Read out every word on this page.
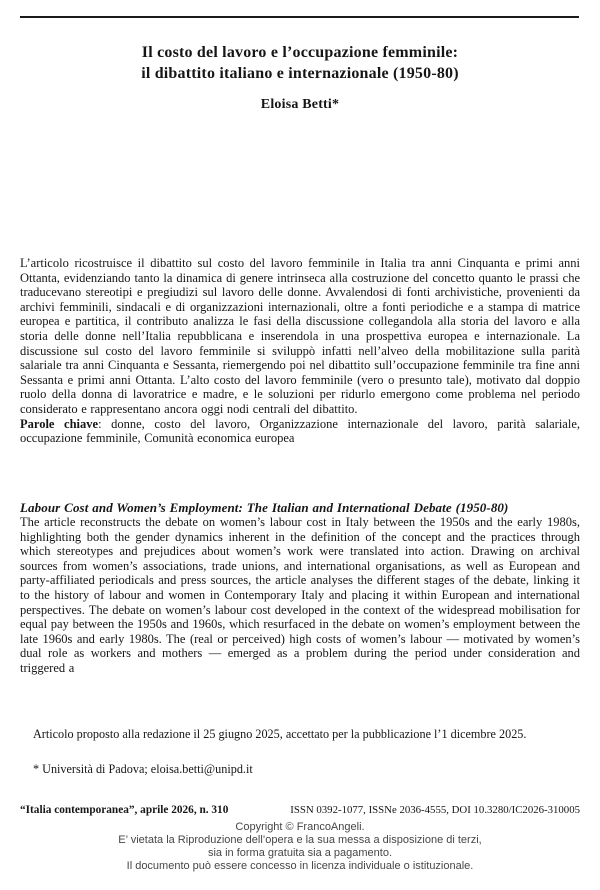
Il costo del lavoro e l’occupazione femminile:
il dibattito italiano e internazionale (1950-80)
Eloisa Betti*

L’articolo ricostruisce il dibattito sul costo del lavoro femminile in Italia tra anni Cinquanta e primi anni Ottanta, evidenziando tanto la dinamica di genere intrinseca alla costruzione del concetto quanto le prassi che traducevano stereotipi e pregiudizi sul lavoro delle donne. Avvalendosi di fonti archivistiche, provenienti da archivi femminili, sindacali e di organizzazioni internazionali, oltre a fonti periodiche e a stampa di matrice europea e partitica, il contributo analizza le fasi della discussione collegandola alla storia del lavoro e alla storia delle donne nell’Italia repubblicana e inserendola in una prospettiva europea e internazionale. La discussione sul costo del lavoro femminile si sviluppò infatti nell’alveo della mobilitazione sulla parità salariale tra anni Cinquanta e Sessanta, riemergendo poi nel dibattito sull’occupazione femminile tra fine anni Sessanta e primi anni Ottanta. L’alto costo del lavoro femminile (vero o presunto tale), motivato dal doppio ruolo della donna di lavoratrice e madre, e le soluzioni per ridurlo emergono come problema nel periodo considerato e rappresentano ancora oggi nodi centrali del dibattito.

Parole chiave: donne, costo del lavoro, Organizzazione internazionale del lavoro, parità salariale, occupazione femminile, Comunità economica europea

Labour Cost and Women’s Employment: The Italian and International Debate (1950-80)

The article reconstructs the debate on women’s labour cost in Italy between the 1950s and the early 1980s, highlighting both the gender dynamics inherent in the definition of the concept and the practices through which stereotypes and prejudices about women’s work were translated into action. Drawing on archival sources from women’s associations, trade unions, and international organisations, as well as European and party-affiliated periodicals and press sources, the article analyses the different stages of the debate, linking it to the history of labour and women in Contemporary Italy and placing it within European and international perspectives. The debate on women’s labour cost developed in the context of the widespread mobilisation for equal pay between the 1950s and 1960s, which resurfaced in the debate on women’s employment between the late 1960s and early 1980s. The (real or perceived) high costs of women’s labour — motivated by women’s dual role as workers and mothers — emerged as a problem during the period under consideration and triggered a

Articolo proposto alla redazione il 25 giugno 2025, accettato per la pubblicazione l’1 dicembre 2025.

* Università di Padova; eloisa.betti@unipd.it
“Italia contemporanea”, aprile 2026, n. 310	ISSN 0392-1077, ISSNe 2036-4555, DOI 10.3280/IC2026-310005
Copyright © FrancoAngeli.
E’ vietata la Riproduzione dell’opera e la sua messa a disposizione di terzi,
sia in forma gratuita sia a pagamento.
Il documento può essere concesso in licenza individuale o istituzionale.
